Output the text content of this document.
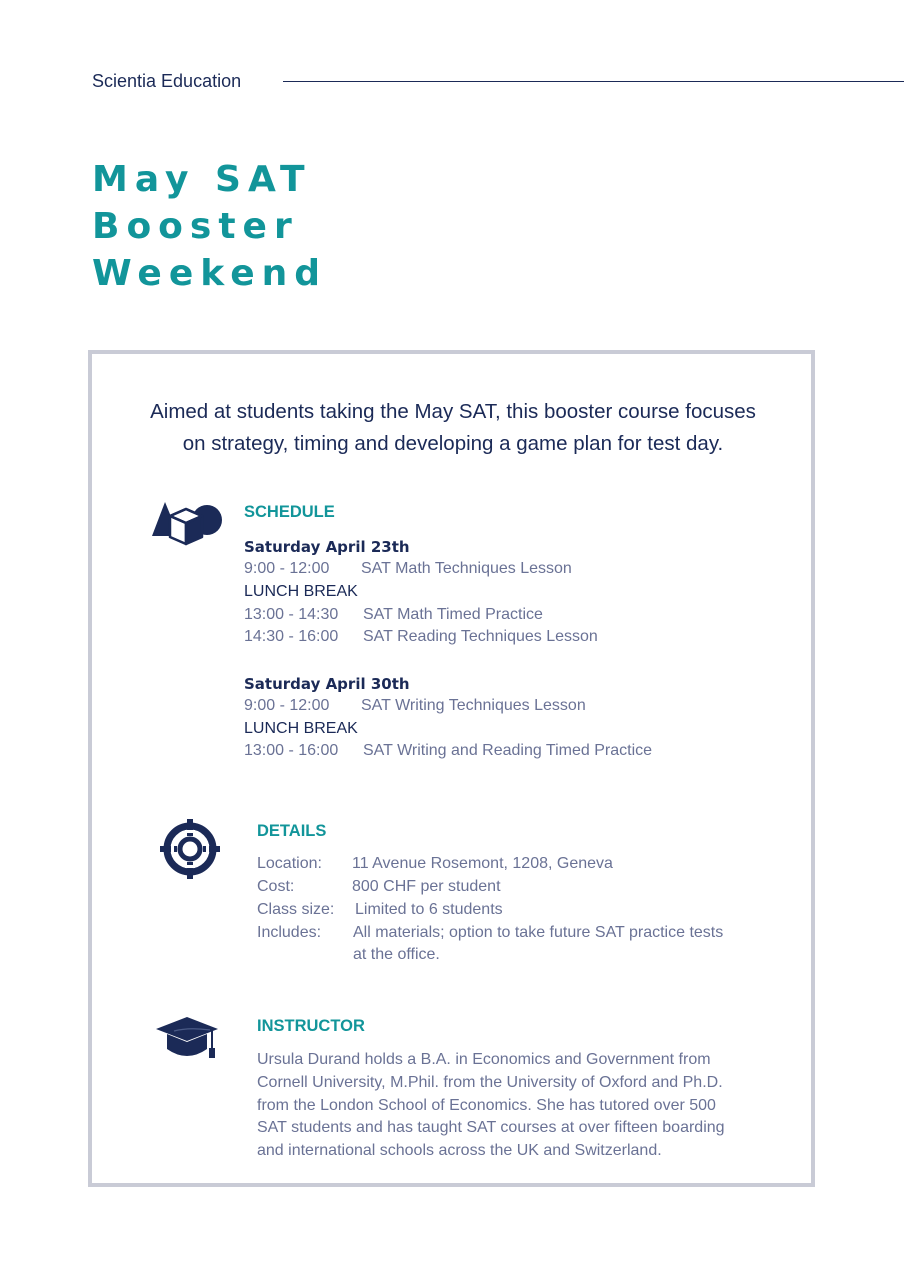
Scientia Education
May SAT
Booster
Weekend
Aimed at students taking the May SAT, this booster course focuses
on strategy, timing and developing a game plan for test day.
SCHEDULE
Saturday April 23th
9:00 - 12:00 SAT Math Techniques Lesson
LUNCH BREAK
13:00 - 14:30 SAT Math Timed Practice
14:30 - 16:00 SAT Reading Techniques Lesson
Saturday April 30th
9:00 - 12:00 SAT Writing Techniques Lesson
LUNCH BREAK
13:00 - 16:00 SAT Writing and Reading Timed Practice
DETAILS
Location: 11 Avenue Rosemont, 1208, Geneva
Cost:	800 CHF per student
Class size: Limited to 6 students
Includes: All materials; option to take future SAT practice tests
at the office.
INSTRUCTOR
Ursula Durand holds a B.A. in Economics and Government from
Cornell University, M.Phil. from the University of Oxford and Ph.D.
from the London School of Economics. She has tutored over 500
SAT students and has taught SAT courses at over fifteen boarding
and international schools across the UK and Switzerland.
